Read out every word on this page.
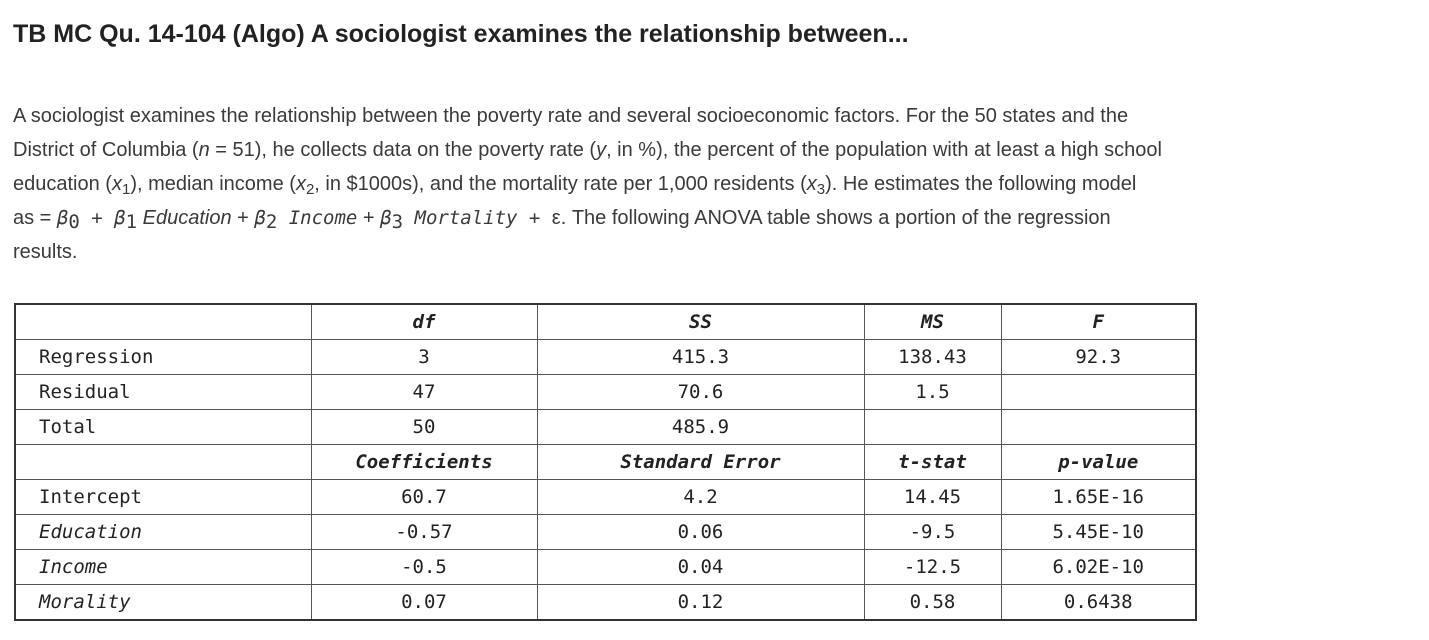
TB MC Qu. 14-104 (Algo) A sociologist examines the relationship between...

A sociologist examines the relationship between the poverty rate and several socioeconomic factors. For the 50 states and the
District of Columbia (n = 51), he collects data on the poverty rate (y, in %), the percent of the population with at least a high school
education $(x_1)$, median income ($x_2$, in $1000s), and the mortality rate per 1,000 residents $(x_3)$. He estimates the following model
as = $\beta_0 + \beta_1$ Education + $\beta_2$ Income + $\beta_3$ Mortality + ε. The following ANOVA table shows a portion of the regression
results.

	df	SS	MS	F
Regression	3	415.3	138.43	92.3
Residual	47	70.6	1.5	
Total	50	485.9		
	Coefficients	Standard Error	t-stat	p-value
Intercept	60.7	4.2	14.45	1.65E-16
Education	-0.57	0.06	-9.5	5.45E-10
Income	-0.5	0.04	-12.5	6.02E-10
Morality	0.07	0.12	0.58	0.6438
